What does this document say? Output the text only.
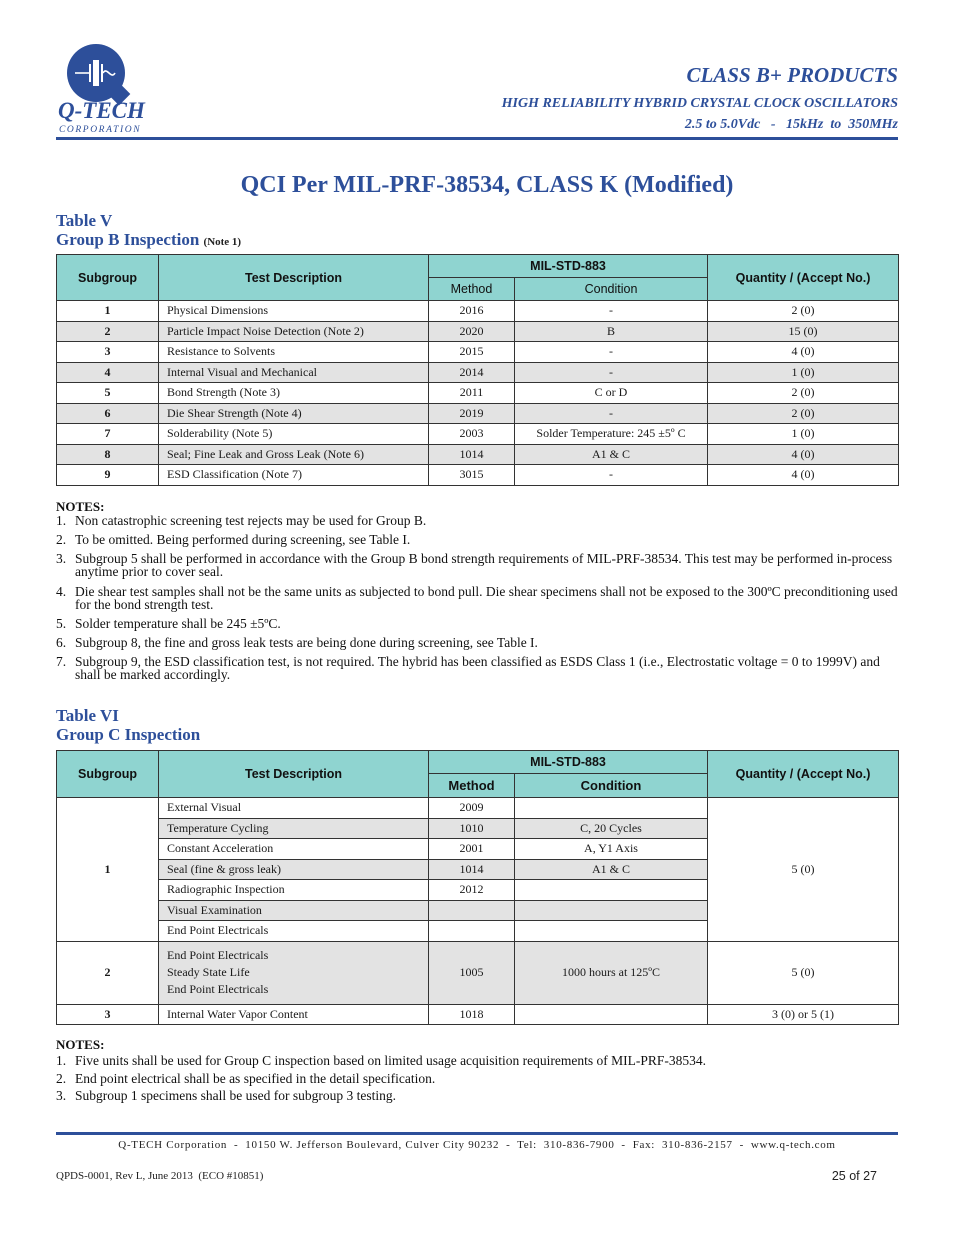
Q-TECH
CORPORATION
CLASS B+ PRODUCTS
HIGH RELIABILITY HYBRID CRYSTAL CLOCK OSCILLATORS
2.5 to 5.0Vdc   -   15kHz  to  350MHz
QCI Per MIL-PRF-38534, CLASS K (Modified)
Table V
Group B Inspection (Note 1)
Subgroup	Test Description	MIL-STD-883		Quantity / (Accept No.)
		Method	Condition	
1	Physical Dimensions	2016	-	2 (0)
2	Particle Impact Noise Detection (Note 2)	2020	B	15 (0)
3	Resistance to Solvents	2015	-	4 (0)
4	Internal Visual and Mechanical	2014	-	1 (0)
5	Bond Strength (Note 3)	2011	C or D	2 (0)
6	Die Shear Strength (Note 4)	2019	-	2 (0)
7	Solderability (Note 5)	2003	Solder Temperature: 245 ±5º C	1 (0)
8	Seal; Fine Leak and Gross Leak (Note 6)	1014	A1 & C	4 (0)
9	ESD Classification (Note 7)	3015	-	4 (0)
NOTES:
1. Non catastrophic screening test rejects may be used for Group B.
2. To be omitted. Being performed during screening, see Table I.
3. Subgroup 5 shall be performed in accordance with the Group B bond strength requirements of MIL-PRF-38534. This test may be performed in-process anytime prior to cover seal.
4. Die shear test samples shall not be the same units as subjected to bond pull. Die shear specimens shall not be exposed to the 300ºC preconditioning used for the bond strength test.
5. Solder temperature shall be 245 ±5ºC.
6. Subgroup 8, the fine and gross leak tests are being done during screening, see Table I.
7. Subgroup 9, the ESD classification test, is not required. The hybrid has been classified as ESDS Class 1 (i.e., Electrostatic voltage = 0 to 1999V) and shall be marked accordingly.
Table VI
Group C Inspection
Subgroup	Test Description	MIL-STD-883		Quantity / (Accept No.)
		Method	Condition	
1	External Visual	2009		5 (0)
	Temperature Cycling	1010	C, 20 Cycles	
	Constant Acceleration	2001	A, Y1 Axis	
	Seal (fine & gross leak)	1014	A1 & C	
	Radiographic Inspection	2012		
	Visual Examination			
	End Point Electricals			
2	End Point Electricals
Steady State Life
End Point Electricals	1005	1000 hours at 125ºC	5 (0)
3	Internal Water Vapor Content	1018		3 (0) or 5 (1)
NOTES:
1. Five units shall be used for Group C inspection based on limited usage acquisition requirements of MIL-PRF-38534.
2. End point electrical shall be as specified in the detail specification.
3. Subgroup 1 specimens shall be used for subgroup 3 testing.
Q-TECH Corporation  -  10150 W. Jefferson Boulevard, Culver City 90232  -  Tel:  310-836-7900  -  Fax:  310-836-2157  -  www.q-tech.com
QPDS-0001, Rev L, June 2013  (ECO #10851)	25 of 27
